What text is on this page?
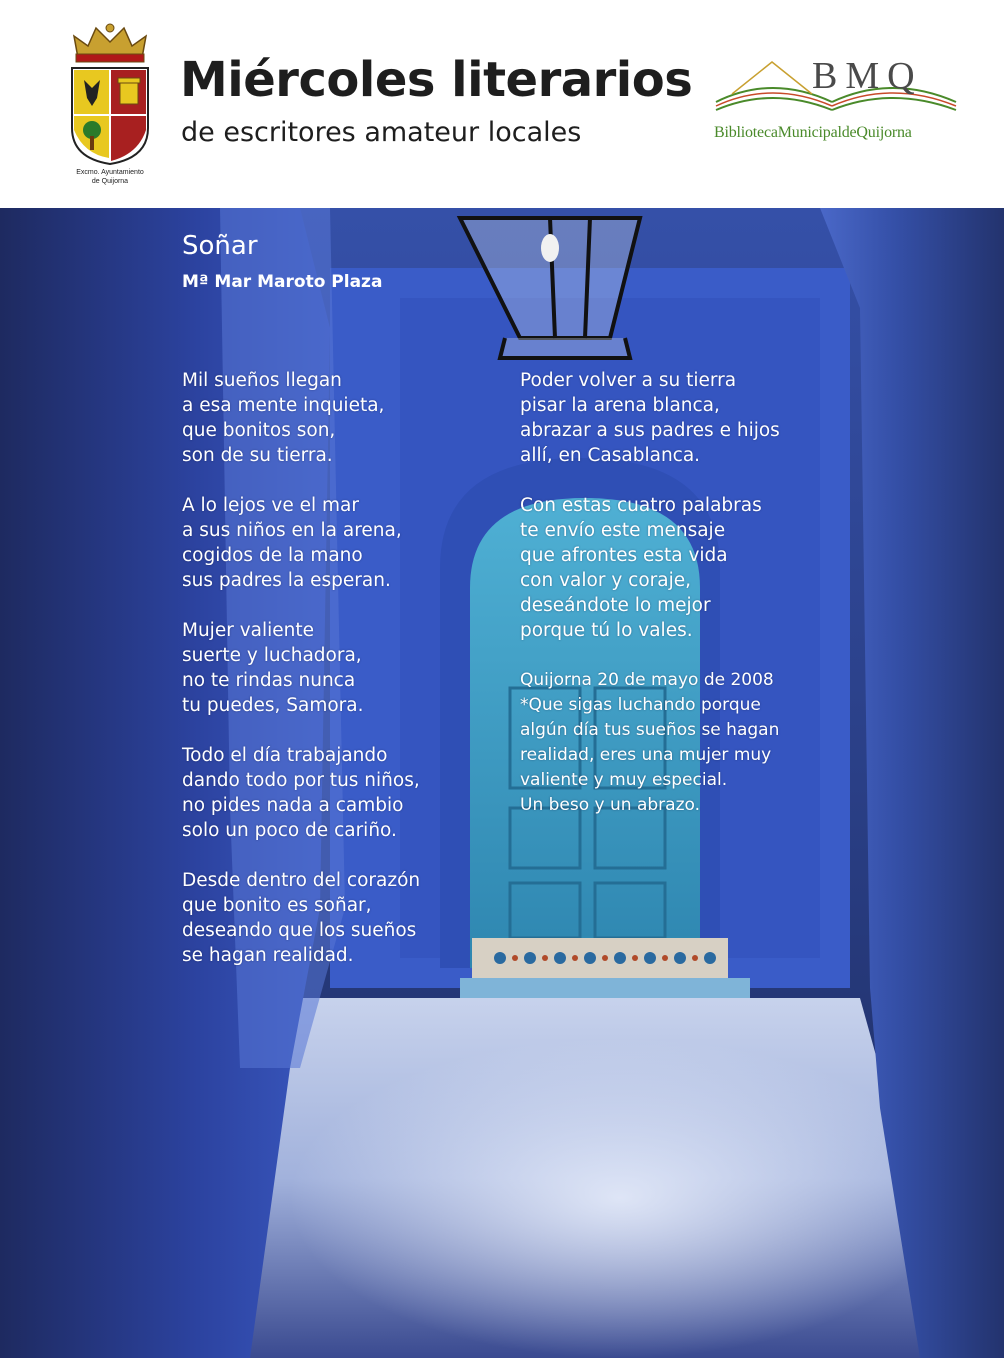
Excmo. Ayuntamiento
de Quijorna
Miércoles literarios
de escritores amateur locales
BMQ
BibliotecaMunicipaldeQuijorna
Soñar
Mª Mar Maroto Plaza
Mil sueños llegan
a esa mente inquieta,
que bonitos son,
son de su tierra.
A lo lejos ve el mar
a sus niños en la arena,
cogidos de la mano
sus padres la esperan.
Mujer valiente
suerte y luchadora,
no te rindas nunca
tu puedes, Samora.
Todo el día trabajando
dando todo por tus niños,
no pides nada a cambio
solo un poco de cariño.
Desde dentro del corazón
que bonito es soñar,
deseando que los sueños
se hagan realidad.
Poder volver a su tierra
pisar la arena blanca,
abrazar a sus padres e hijos
allí, en Casablanca.
Con estas cuatro palabras
te envío este mensaje
que afrontes esta vida
con valor y coraje,
deseándote lo mejor
porque tú lo vales.
Quijorna 20 de mayo de 2008
*Que sigas luchando porque
algún día tus sueños se hagan
realidad, eres una mujer muy
valiente y muy especial.
Un beso y un abrazo.
